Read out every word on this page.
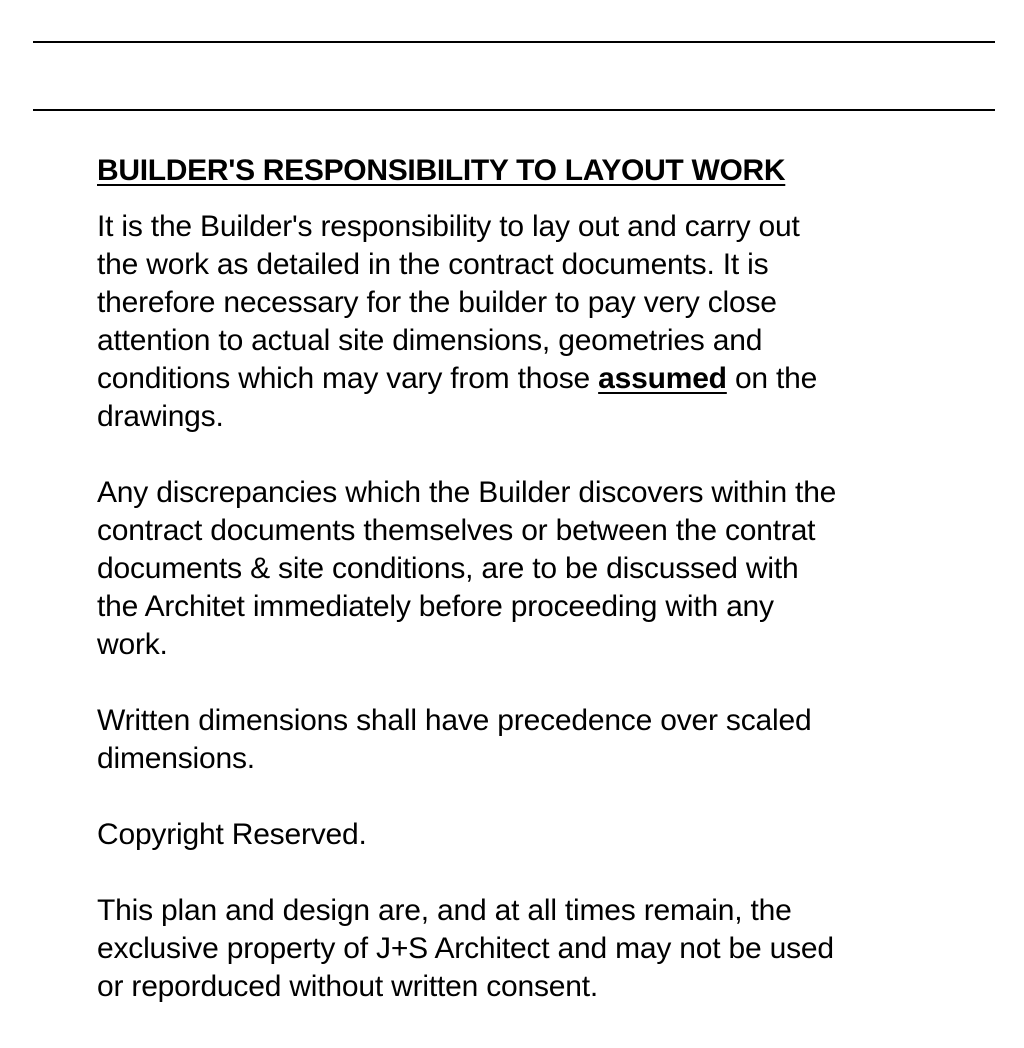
BUILDER'S RESPONSIBILITY TO LAYOUT WORK
It is the Builder's responsibility to lay out and carry out
the work as detailed in the contract documents. It is
therefore necessary for the builder to pay very close
attention to actual site dimensions, geometries and
conditions which may vary from those assumed on the
drawings.
Any discrepancies which the Builder discovers within the
contract documents themselves or between the contrat
documents & site conditions, are to be discussed with
the Architet immediately before proceeding with any
work.
Written dimensions shall have precedence over scaled
dimensions.
Copyright Reserved.
This plan and design are, and at all times remain, the
exclusive property of J+S Architect and may not be used
or reporduced without written consent.
